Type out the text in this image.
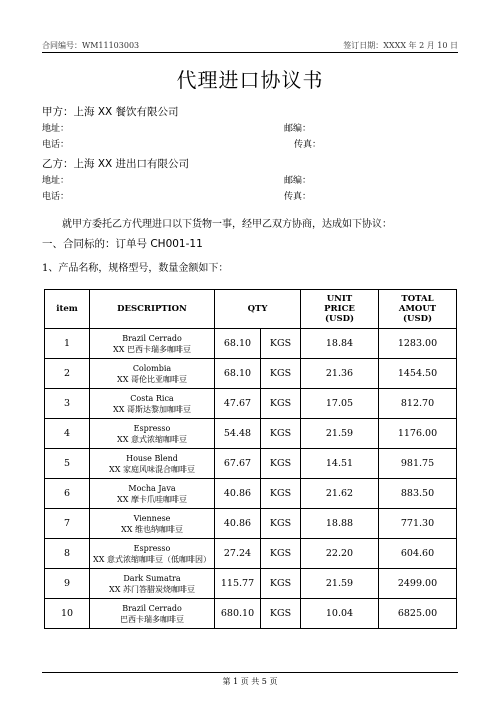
合同编号：WM11103003	签订日期：XXXX 年 2 月 10 日
代理进口协议书
甲方：上海 XX 餐饮有限公司
地址：	邮编：
电话：	传真：
乙方：上海 XX 进出口有限公司
地址：	邮编：
电话：	传真：
就甲方委托乙方代理进口以下货物一事，经甲乙双方协商，达成如下协议：
一、合同标的：订单号 CH001-11
1、产品名称，规格型号，数量金额如下：
item	DESCRIPTION	QTY		UNIT
PRICE
(USD)	TOTAL
AMOUT
(USD)
1	Brazil Cerrado
XX 巴西卡瑞多咖啡豆	68.10	KGS	18.84	1283.00
2	Colombia
XX 哥伦比亚咖啡豆	68.10	KGS	21.36	1454.50
3	Costa Rica
XX 哥斯达黎加咖啡豆	47.67	KGS	17.05	812.70
4	Espresso
XX 意式浓缩咖啡豆	54.48	KGS	21.59	1176.00
5	House Blend
XX 家庭风味混合咖啡豆	67.67	KGS	14.51	981.75
6	Mocha Java
XX 摩卡爪哇咖啡豆	40.86	KGS	21.62	883.50
7	Viennese
XX 维也纳咖啡豆	40.86	KGS	18.88	771.30
8	Espresso
XX 意式浓缩咖啡豆（低咖啡因）	27.24	KGS	22.20	604.60
9	Dark Sumatra
XX 苏门答腊炭烧咖啡豆	115.77	KGS	21.59	2499.00
10	Brazil Cerrado
巴西卡瑞多咖啡豆	680.10	KGS	10.04	6825.00
第 1 页 共 5 页
